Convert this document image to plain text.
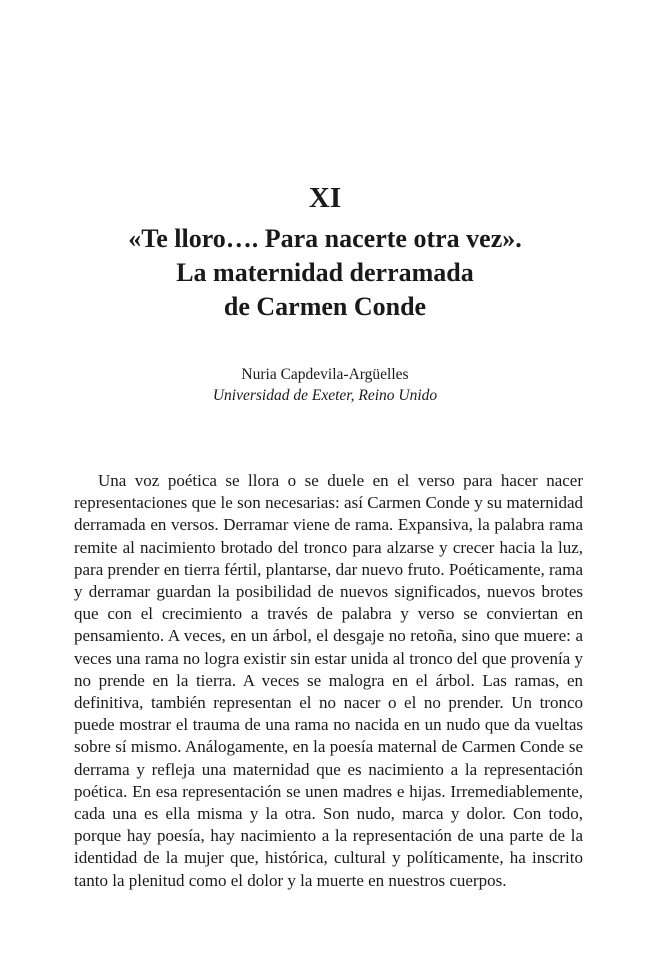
XI
«Te lloro…. Para nacerte otra vez».
La maternidad derramada
de Carmen Conde
Nuria Capdevila-Argüelles
Universidad de Exeter, Reino Unido

Una voz poética se llora o se duele en el verso para hacer nacer representaciones que le son necesarias: así Carmen Conde y su maternidad derramada en versos. Derramar viene de rama. Expansiva, la palabra rama remite al nacimiento brotado del tronco para alzarse y crecer hacia la luz, para prender en tierra fértil, plantarse, dar nuevo fruto. Poéticamente, rama y derramar guardan la posibilidad de nuevos significados, nuevos brotes que con el crecimiento a través de palabra y verso se conviertan en pensamiento. A veces, en un árbol, el desgaje no retoña, sino que muere: a veces una rama no logra existir sin estar unida al tronco del que provenía y no prende en la tierra. A veces se malogra en el árbol. Las ramas, en definitiva, también representan el no nacer o el no prender. Un tronco puede mostrar el trauma de una rama no nacida en un nudo que da vueltas sobre sí mismo. Análogamente, en la poesía maternal de Carmen Conde se derrama y refleja una maternidad que es nacimiento a la representación poética. En esa representación se unen madres e hijas. Irremediablemente, cada una es ella misma y la otra. Son nudo, marca y dolor. Con todo, porque hay poesía, hay nacimiento a la representación de una parte de la identidad de la mujer que, histórica, cultural y políticamente, ha inscrito tanto la plenitud como el dolor y la muerte en nuestros cuerpos.
